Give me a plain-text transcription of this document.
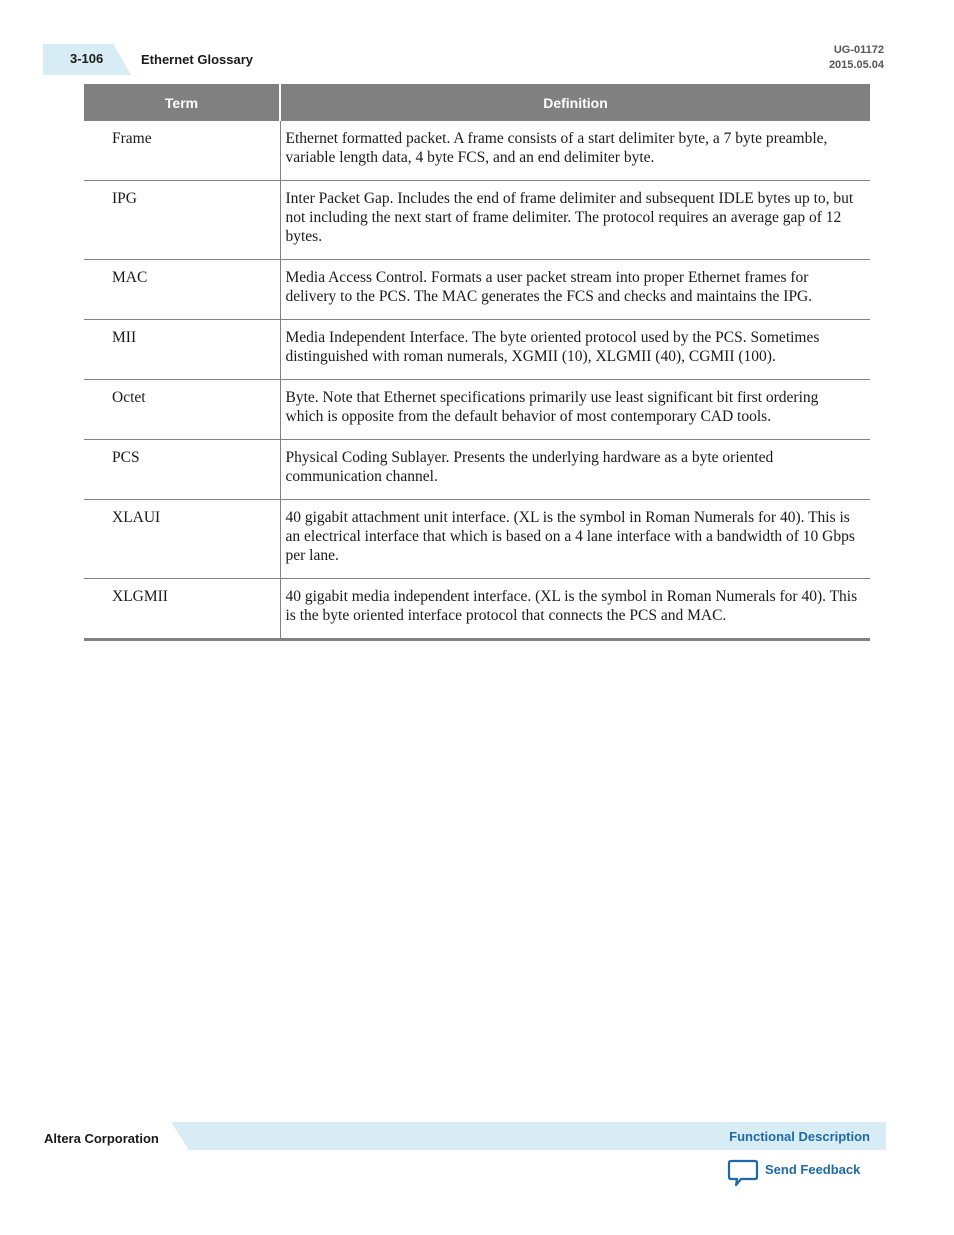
3-106	Ethernet Glossary
UG-01172
2015.05.04
Term	Definition
Frame	Ethernet formatted packet. A frame consists of a start delimiter byte, a 7 byte preamble, variable length data, 4 byte FCS, and an end delimiter byte.
IPG	Inter Packet Gap. Includes the end of frame delimiter and subsequent IDLE bytes up to, but not including the next start of frame delimiter. The protocol requires an average gap of 12 bytes.
MAC	Media Access Control. Formats a user packet stream into proper Ethernet frames for delivery to the PCS. The MAC generates the FCS and checks and maintains the IPG.
MII	Media Independent Interface. The byte oriented protocol used by the PCS. Sometimes distinguished with roman numerals, XGMII (10), XLGMII (40), CGMII (100).
Octet	Byte. Note that Ethernet specifications primarily use least significant bit first ordering which is opposite from the default behavior of most contemporary CAD tools.
PCS	Physical Coding Sublayer. Presents the underlying hardware as a byte oriented communication channel.
XLAUI	40 gigabit attachment unit interface. (XL is the symbol in Roman Numerals for 40). This is an electrical interface that which is based on a 4 lane interface with a bandwidth of 10 Gbps per lane.
XLGMII	40 gigabit media independent interface. (XL is the symbol in Roman Numerals for 40). This is the byte oriented interface protocol that connects the PCS and MAC.
Altera Corporation	Functional Description
Send Feedback
